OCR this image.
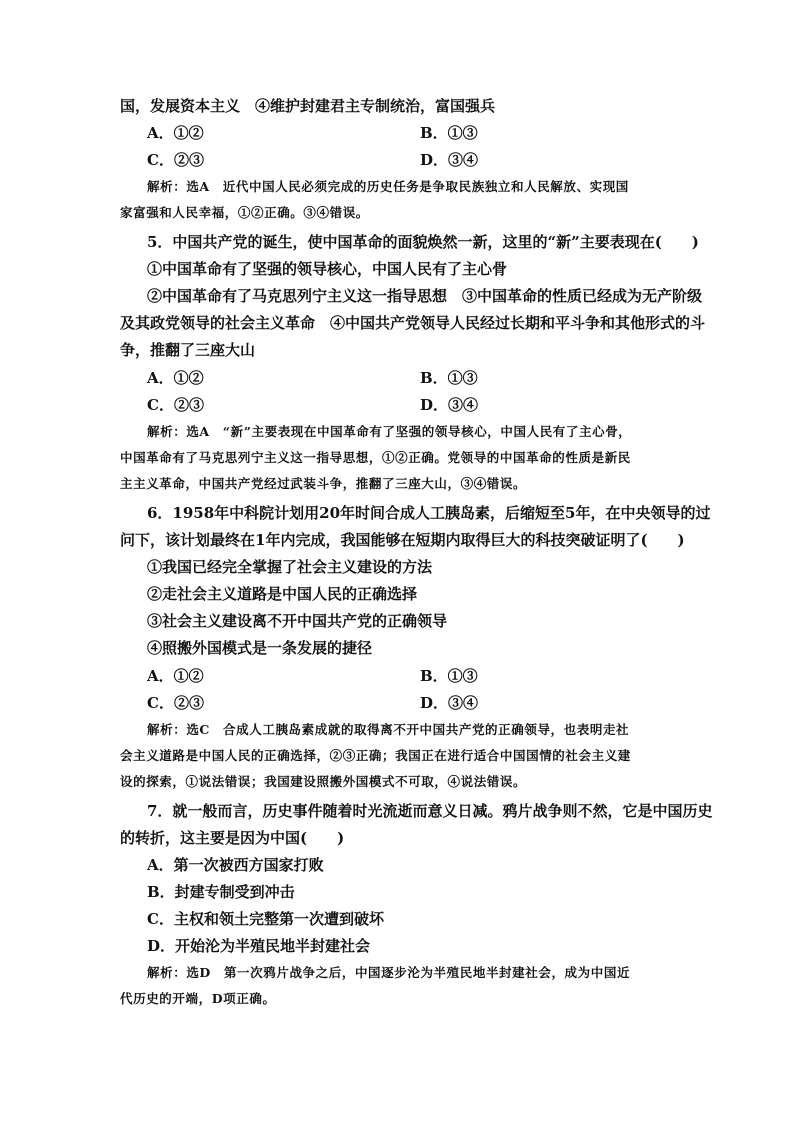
国，发展资本主义　④维护封建君主专制统治，富国强兵
A．①②	B．①③
C．②③	D．③④
解析：选A　近代中国人民必须完成的历史任务是争取民族独立和人民解放、实现国
家富强和人民幸福，①②正确。③④错误。
5．中国共产党的诞生，使中国革命的面貌焕然一新，这里的“新”主要表现在(　　)
①中国革命有了坚强的领导核心，中国人民有了主心骨
②中国革命有了马克思列宁主义这一指导思想　③中国革命的性质已经成为无产阶级
及其政党领导的社会主义革命　④中国共产党领导人民经过长期和平斗争和其他形式的斗
争，推翻了三座大山
A．①②	B．①③
C．②③	D．③④
解析：选A　“新”主要表现在中国革命有了坚强的领导核心，中国人民有了主心骨，
中国革命有了马克思列宁主义这一指导思想，①②正确。党领导的中国革命的性质是新民
主主义革命，中国共产党经过武装斗争，推翻了三座大山，③④错误。
6．1958年中科院计划用20年时间合成人工胰岛素，后缩短至5年，在中央领导的过
问下，该计划最终在1年内完成，我国能够在短期内取得巨大的科技突破证明了(　　)
①我国已经完全掌握了社会主义建设的方法
②走社会主义道路是中国人民的正确选择
③社会主义建设离不开中国共产党的正确领导
④照搬外国模式是一条发展的捷径
A．①②	B．①③
C．②③	D．③④
解析：选C　合成人工胰岛素成就的取得离不开中国共产党的正确领导，也表明走社
会主义道路是中国人民的正确选择，②③正确；我国正在进行适合中国国情的社会主义建
设的探索，①说法错误；我国建设照搬外国模式不可取，④说法错误。
7．就一般而言，历史事件随着时光流逝而意义日减。鸦片战争则不然，它是中国历史
的转折，这主要是因为中国(　　)
A．第一次被西方国家打败
B．封建专制受到冲击
C．主权和领土完整第一次遭到破坏
D．开始沦为半殖民地半封建社会
解析：选D　第一次鸦片战争之后，中国逐步沦为半殖民地半封建社会，成为中国近
代历史的开端，D项正确。
